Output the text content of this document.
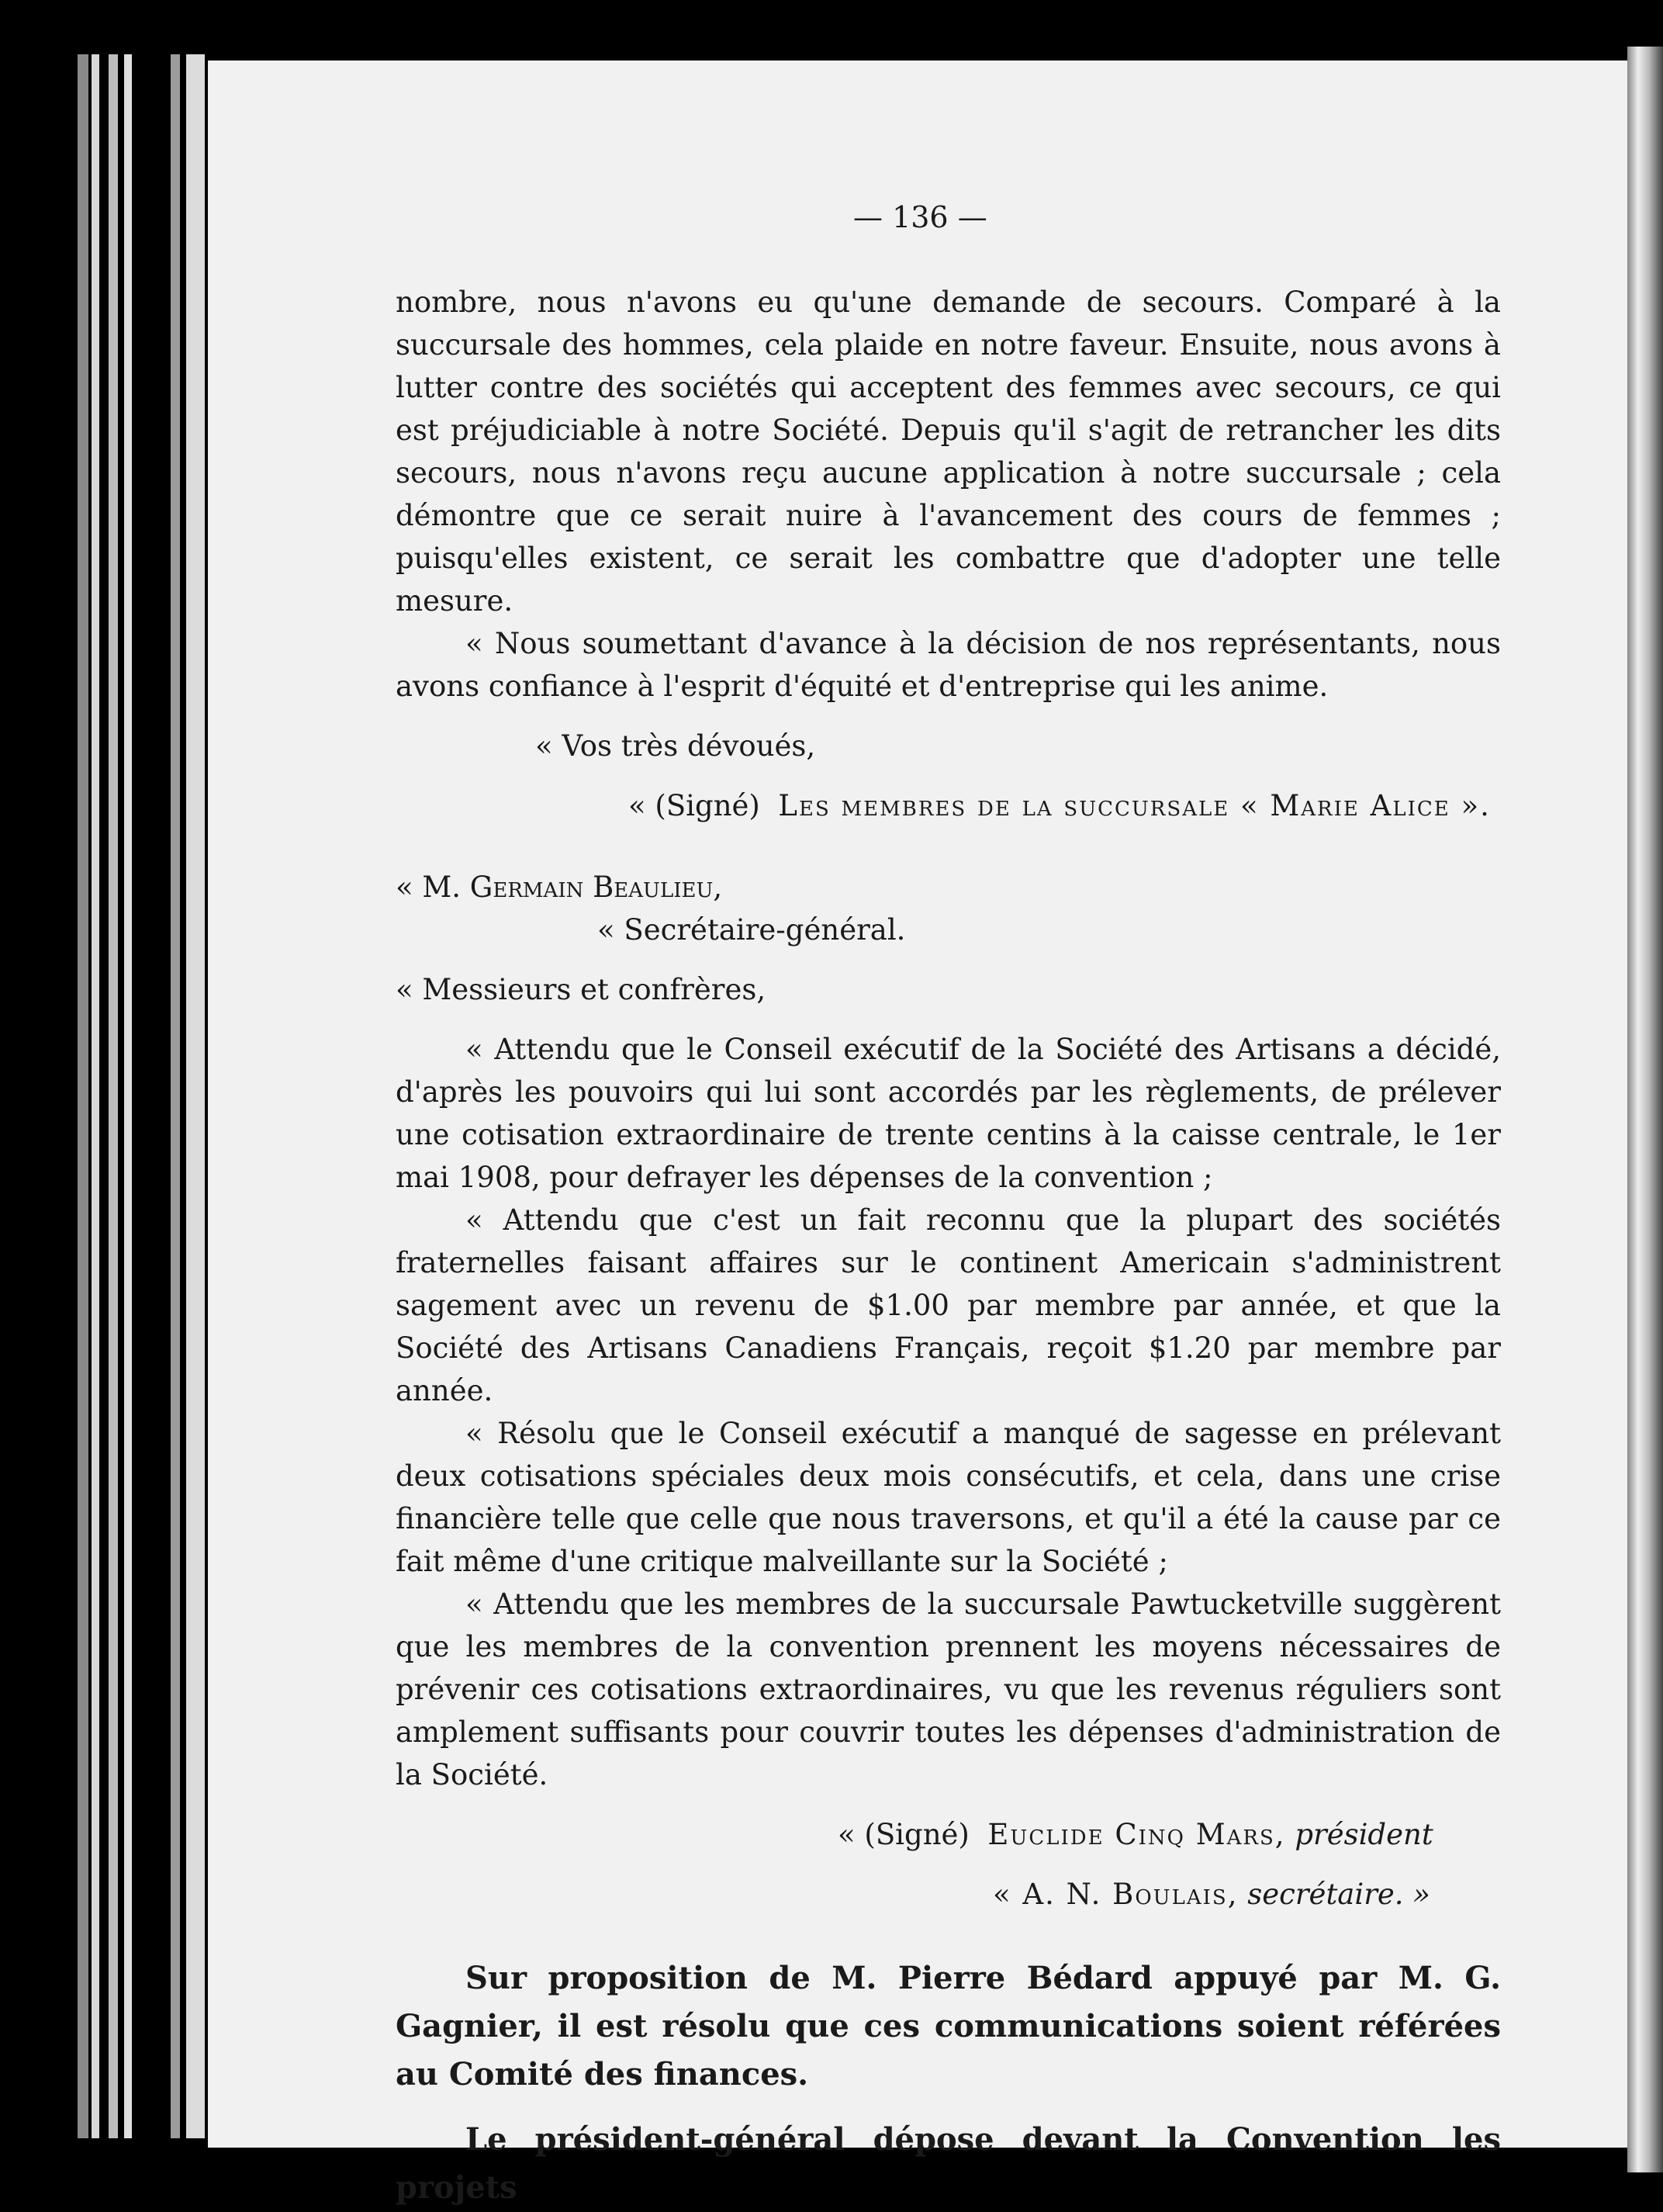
— 136 —

nombre, nous n'avons eu qu'une demande de secours. Comparé à la succursale des hommes, cela plaide en notre faveur. Ensuite, nous avons à lutter contre des sociétés qui acceptent des femmes avec secours, ce qui est préjudiciable à notre Société. Depuis qu'il s'agit de retrancher les dits secours, nous n'avons reçu aucune application à notre succursale ; cela démontre que ce serait nuire à l'avancement des cours de femmes ; puisqu'elles existent, ce serait les combattre que d'adopter une telle mesure.

« Nous soumettant d'avance à la décision de nos représentants, nous avons confiance à l'esprit d'équité et d'entreprise qui les anime.

« Vos très dévoués,

« (Signé) Les membres de la succursale « Marie Alice ».

« M. Germain Beaulieu,

« Secrétaire-général.

« Messieurs et confrères,

« Attendu que le Conseil exécutif de la Société des Artisans a décidé, d'après les pouvoirs qui lui sont accordés par les règlements, de prélever une cotisation extraordinaire de trente centins à la caisse centrale, le 1er mai 1908, pour defrayer les dépenses de la convention ;

« Attendu que c'est un fait reconnu que la plupart des sociétés fraternelles faisant affaires sur le continent Americain s'administrent sagement avec un revenu de $1.00 par membre par année, et que la Société des Artisans Canadiens Français, reçoit $1.20 par membre par année.

« Résolu que le Conseil exécutif a manqué de sagesse en prélevant deux cotisations spéciales deux mois consécutifs, et cela, dans une crise financière telle que celle que nous traversons, et qu'il a été la cause par ce fait même d'une critique malveillante sur la Société ;

« Attendu que les membres de la succursale Pawtucketville suggèrent que les membres de la convention prennent les moyens nécessaires de prévenir ces cotisations extraordinaires, vu que les revenus réguliers sont amplement suffisants pour couvrir toutes les dépenses d'administration de la Société.

« (Signé) Euclide Cinq Mars, président

« A. N. Boulais, secrétaire. »

Sur proposition de M. Pierre Bédard appuyé par M. G. Gagnier, il est résolu que ces communications soient référées au Comité des finances.

Le président-général dépose devant la Convention les projets
